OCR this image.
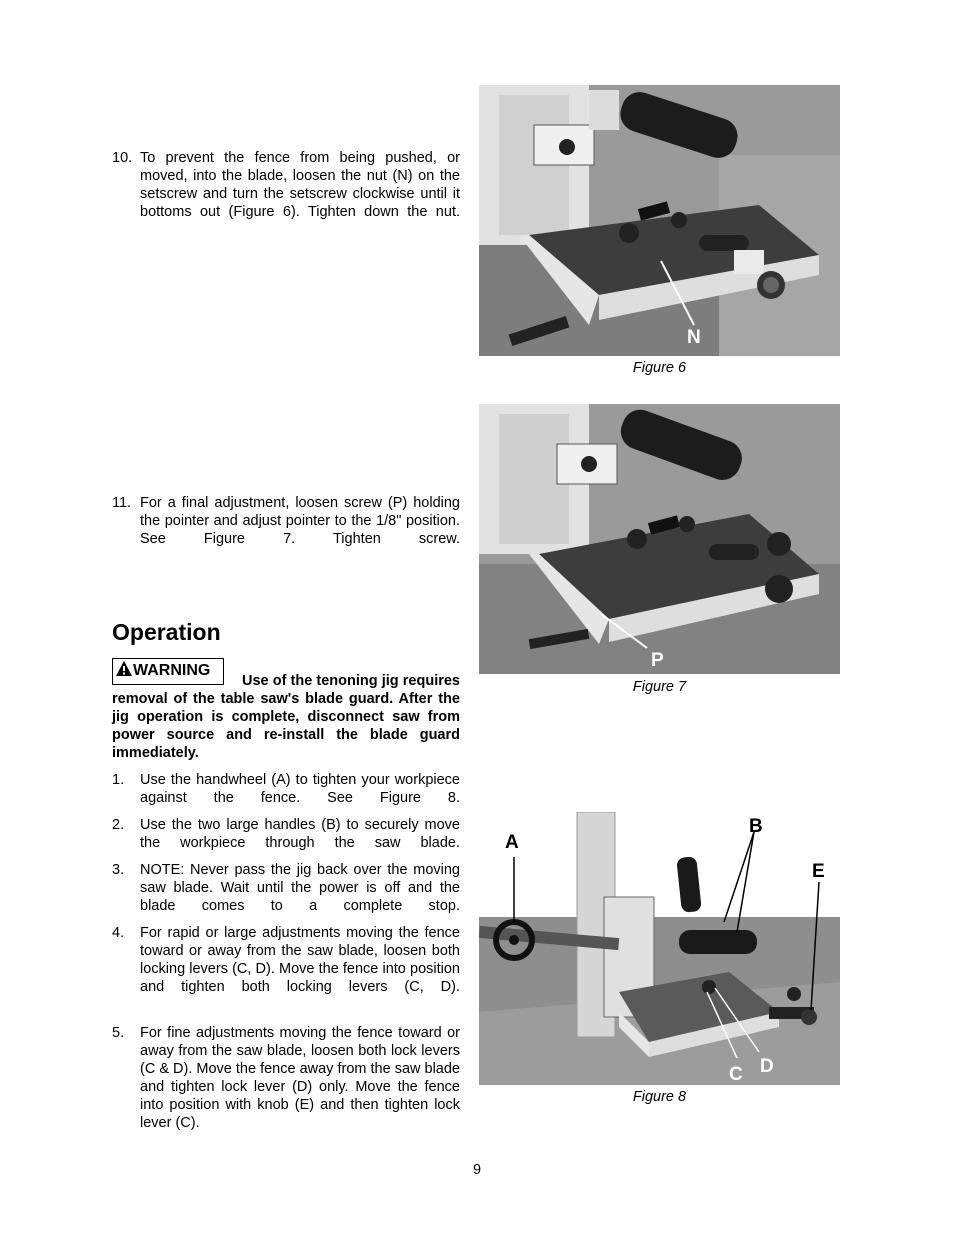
10. To prevent the fence from being pushed, or moved, into the blade, loosen the nut (N) on the setscrew and turn the setscrew clockwise until it bottoms out (Figure 6). Tighten down the nut.
N
Figure 6
11. For a final adjustment, loosen screw (P) holding the pointer and adjust pointer to the 1/8" position. See Figure 7. Tighten screw.
P
Figure 7
Operation
WARNING
Use of the tenoning jig requires removal of the table saw's blade guard. After the jig operation is complete, disconnect saw from power source and re-install the blade guard immediately.
1. Use the handwheel (A) to tighten your workpiece against the fence. See Figure 8.
2. Use the two large handles (B) to securely move the workpiece through the saw blade.
3. NOTE: Never pass the jig back over the moving saw blade. Wait until the power is off and the blade comes to a complete stop.
4. For rapid or large adjustments moving the fence toward or away from the saw blade, loosen both locking levers (C, D). Move the fence into position and tighten both locking levers (C, D).
5. For fine adjustments moving the fence toward or away from the saw blade, loosen both lock levers (C & D). Move the fence away from the saw blade and tighten lock lever (D) only. Move the fence into position with knob (E) and then tighten lock lever (C).
A
B
E
C D
Figure 8
9
